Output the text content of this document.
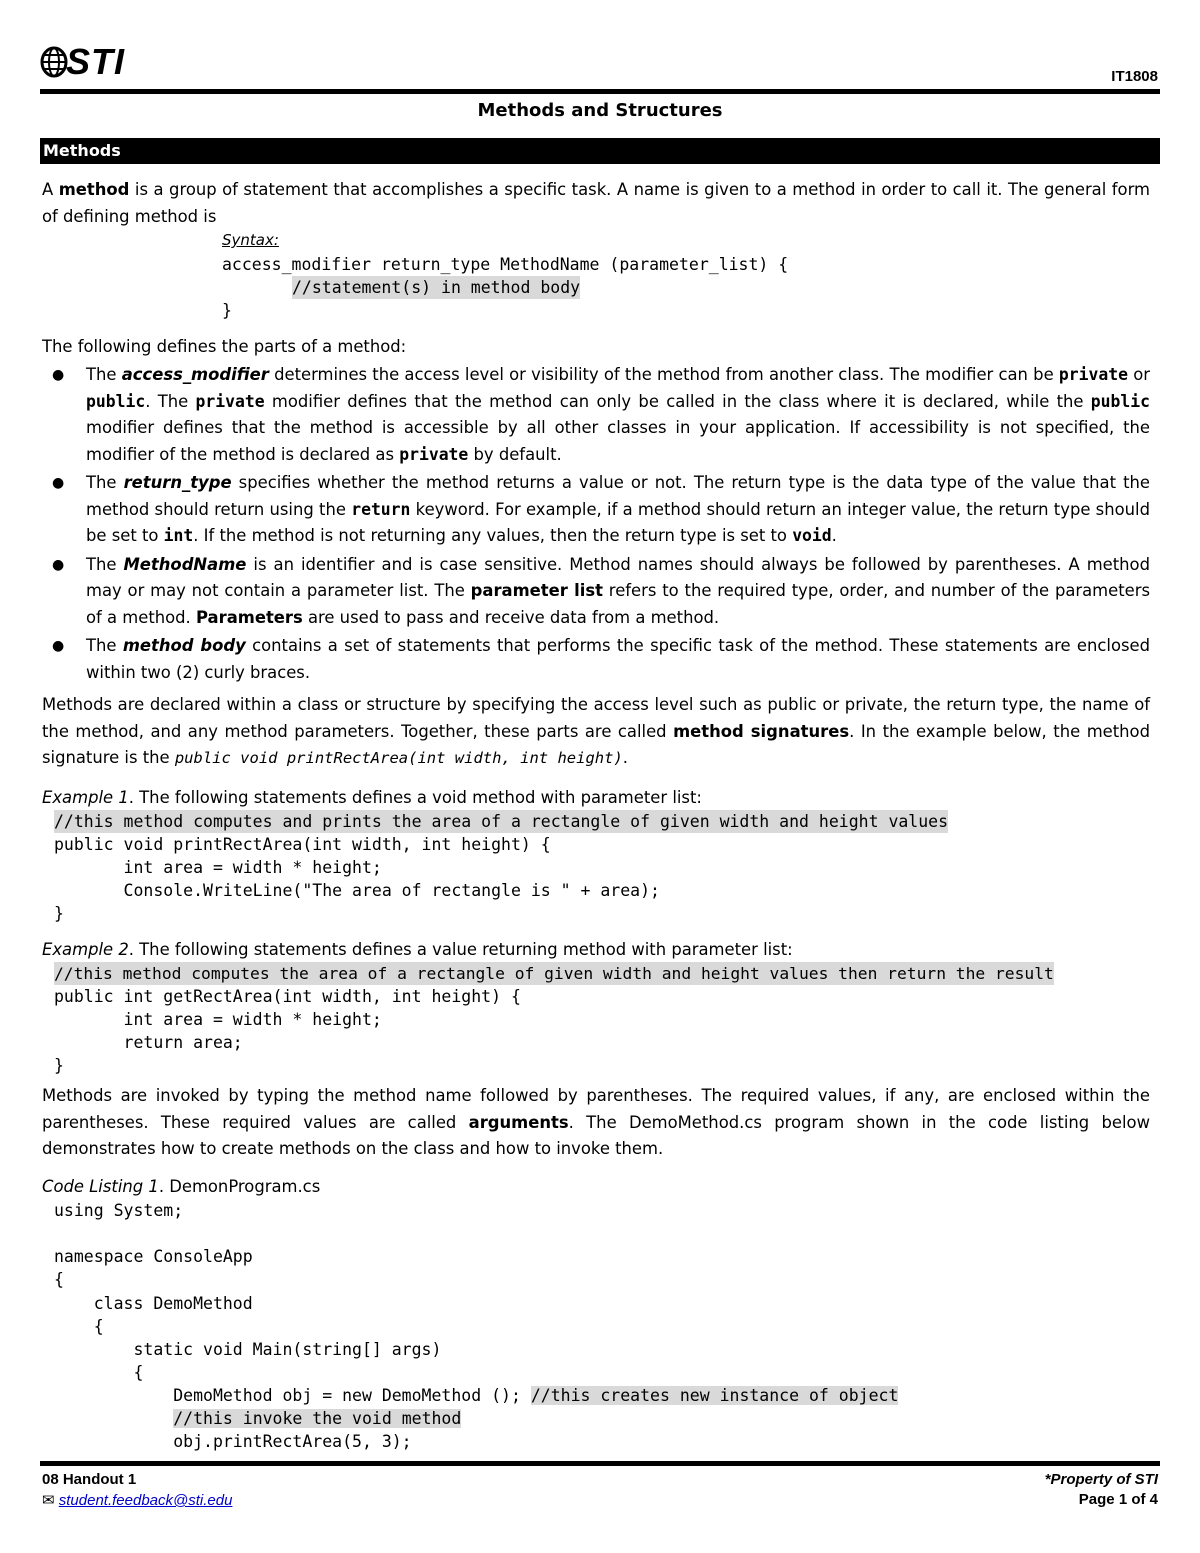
STI	IT1808
Methods and Structures
Methods
A method is a group of statement that accomplishes a specific task. A name is given to a method in order to call it. The general form of defining method is
Syntax:
access_modifier return_type MethodName (parameter_list) {
//statement(s) in method body
}
The following defines the parts of a method:
● The access_modifier determines the access level or visibility of the method from another class. The modifier can be private or public. The private modifier defines that the method can only be called in the class where it is declared, while the public modifier defines that the method is accessible by all other classes in your application. If accessibility is not specified, the modifier of the method is declared as private by default.
● The return_type specifies whether the method returns a value or not. The return type is the data type of the value that the method should return using the return keyword. For example, if a method should return an integer value, the return type should be set to int. If the method is not returning any values, then the return type is set to void.
● The MethodName is an identifier and is case sensitive. Method names should always be followed by parentheses. A method may or may not contain a parameter list. The parameter list refers to the required type, order, and number of the parameters of a method. Parameters are used to pass and receive data from a method.
● The method body contains a set of statements that performs the specific task of the method. These statements are enclosed within two (2) curly braces.
Methods are declared within a class or structure by specifying the access level such as public or private, the return type, the name of the method, and any method parameters. Together, these parts are called method signatures. In the example below, the method signature is the public void printRectArea(int width, int height).
Example 1. The following statements defines a void method with parameter list:
//this method computes and prints the area of a rectangle of given width and height values
public void printRectArea(int width, int height) {
int area = width * height;
Console.WriteLine("The area of rectangle is " + area);
}
Example 2. The following statements defines a value returning method with parameter list:
//this method computes the area of a rectangle of given width and height values then return the result
public int getRectArea(int width, int height) {
int area = width * height;
return area;
}
Methods are invoked by typing the method name followed by parentheses. The required values, if any, are enclosed within the parentheses. These required values are called arguments. The DemoMethod.cs program shown in the code listing below demonstrates how to create methods on the class and how to invoke them.
Code Listing 1. DemonProgram.cs
using System;
namespace ConsoleApp
{
class DemoMethod
{
static void Main(string[] args)
{
DemoMethod obj = new DemoMethod (); //this creates new instance of object
//this invoke the void method
obj.printRectArea(5, 3);
08 Handout 1
✉ student.feedback@sti.edu
*Property of STI
Page 1 of 4
